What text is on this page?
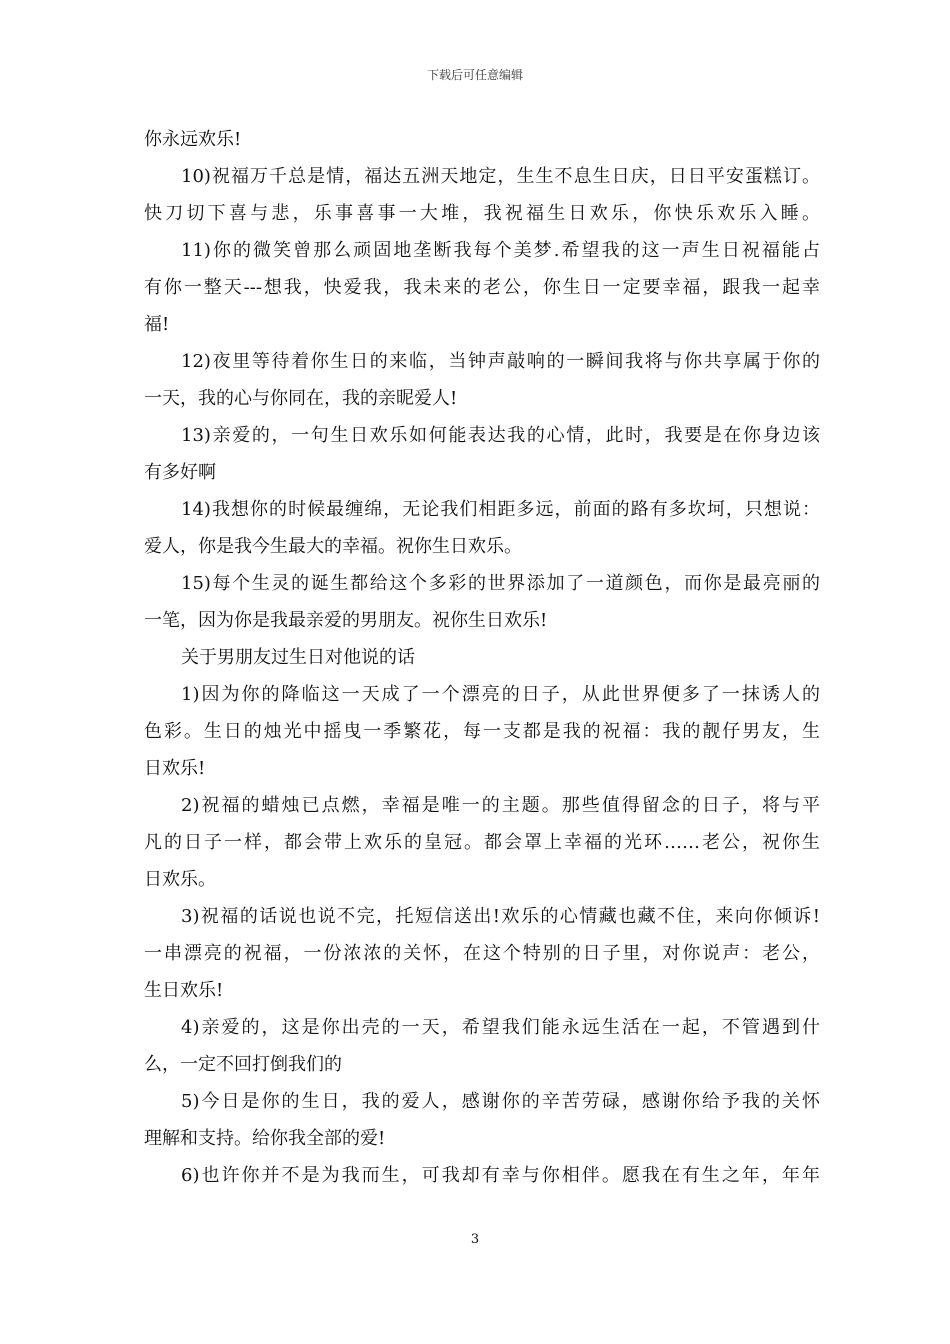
下载后可任意编辑
你永远欢乐!
10)祝福万千总是情，福达五洲天地定，生生不息生日庆，日日平安蛋糕订。
快刀切下喜与悲，乐事喜事一大堆，我祝福生日欢乐，你快乐欢乐入睡。
11)你的微笑曾那么顽固地垄断我每个美梦.希望我的这一声生日祝福能占
有你一整天---想我，快爱我，我未来的老公，你生日一定要幸福，跟我一起幸
福!
12)夜里等待着你生日的来临，当钟声敲响的一瞬间我将与你共享属于你的
一天，我的心与你同在，我的亲昵爱人!
13)亲爱的，一句生日欢乐如何能表达我的心情，此时，我要是在你身边该
有多好啊
14)我想你的时候最缠绵，无论我们相距多远，前面的路有多坎坷，只想说：
爱人，你是我今生最大的幸福。祝你生日欢乐。
15)每个生灵的诞生都给这个多彩的世界添加了一道颜色，而你是最亮丽的
一笔，因为你是我最亲爱的男朋友。祝你生日欢乐!
关于男朋友过生日对他说的话
1)因为你的降临这一天成了一个漂亮的日子，从此世界便多了一抹诱人的
色彩。生日的烛光中摇曳一季繁花，每一支都是我的祝福：我的靓仔男友，生
日欢乐!
2)祝福的蜡烛已点燃，幸福是唯一的主题。那些值得留念的日子，将与平
凡的日子一样，都会带上欢乐的皇冠。都会罩上幸福的光环……老公，祝你生
日欢乐。
3)祝福的话说也说不完，托短信送出!欢乐的心情藏也藏不住，来向你倾诉!
一串漂亮的祝福，一份浓浓的关怀，在这个特别的日子里，对你说声：老公，
生日欢乐!
4)亲爱的，这是你出壳的一天，希望我们能永远生活在一起，不管遇到什
么，一定不回打倒我们的
5)今日是你的生日，我的爱人，感谢你的辛苦劳碌，感谢你给予我的关怀
理解和支持。给你我全部的爱!
6)也许你并不是为我而生，可我却有幸与你相伴。愿我在有生之年，年年
3
